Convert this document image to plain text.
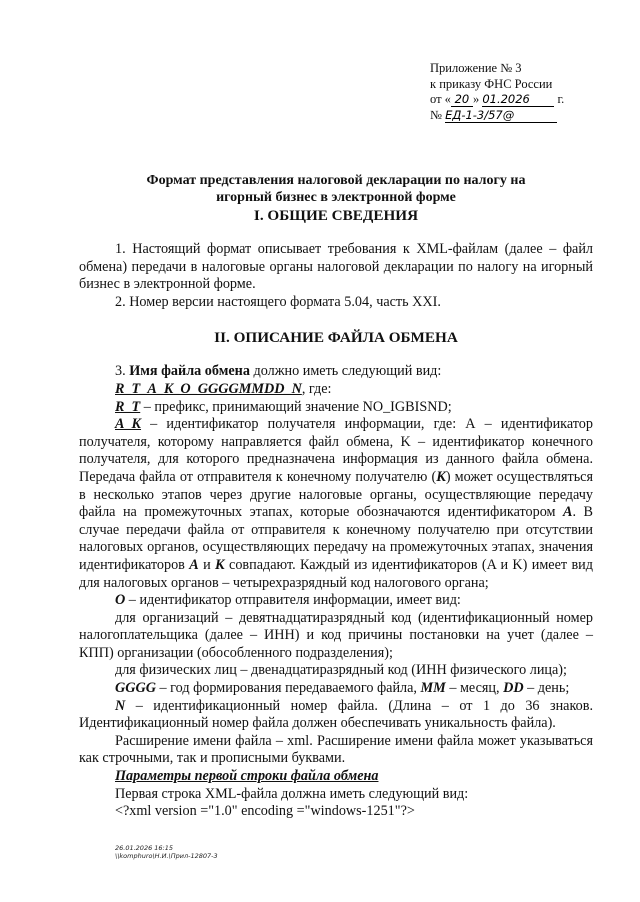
Приложение № 3
к приказу ФНС России
от « 20 » 01.2026 г.
№ ЕД-1-3/57@
Формат представления налоговой декларации по налогу на
игорный бизнес в электронной форме
I. ОБЩИЕ СВЕДЕНИЯ

1. Настоящий формат описывает требования к XML-файлам (далее – файл обмена) передачи в налоговые органы налоговой декларации по налогу на игорный бизнес в электронной форме.

2. Номер версии настоящего формата 5.04, часть XXI.

II. ОПИСАНИЕ ФАЙЛА ОБМЕНА

3. Имя файла обмена должно иметь следующий вид:

R_T_A_K_O_GGGGMMDD_N, где:

R_T – префикс, принимающий значение NO_IGBISND;

A_K – идентификатор получателя информации, где: А – идентификатор получателя, которому направляется файл обмена, K – идентификатор конечного получателя, для которого предназначена информация из данного файла обмена. Передача файла от отправителя к конечному получателю (К) может осуществляться в несколько этапов через другие налоговые органы, осуществляющие передачу файла на промежуточных этапах, которые обозначаются идентификатором А. В случае передачи файла от отправителя к конечному получателю при отсутствии налоговых органов, осуществляющих передачу на промежуточных этапах, значения идентификаторов А и К совпадают. Каждый из идентификаторов (A и K) имеет вид для налоговых органов – четырехразрядный код налогового органа;

O – идентификатор отправителя информации, имеет вид:

для организаций – девятнадцатиразрядный код (идентификационный номер налогоплательщика (далее – ИНН) и код причины постановки на учет (далее – КПП) организации (обособленного подразделения);

для физических лиц – двенадцатиразрядный код (ИНН физического лица);

GGGG – год формирования передаваемого файла, MM – месяц, DD – день;

N – идентификационный номер файла. (Длина – от 1 до 36 знаков. Идентификационный номер файла должен обеспечивать уникальность файла).

Расширение имени файла – xml. Расширение имени файла может указываться как строчными, так и прописными буквами.

Параметры первой строки файла обмена

Первая строка XML-файла должна иметь следующий вид:

<?xml version ="1.0" encoding ="windows-1251"?>

26.01.2026 16:15
\\komphuro\Н.И.\Прил-12807-3
